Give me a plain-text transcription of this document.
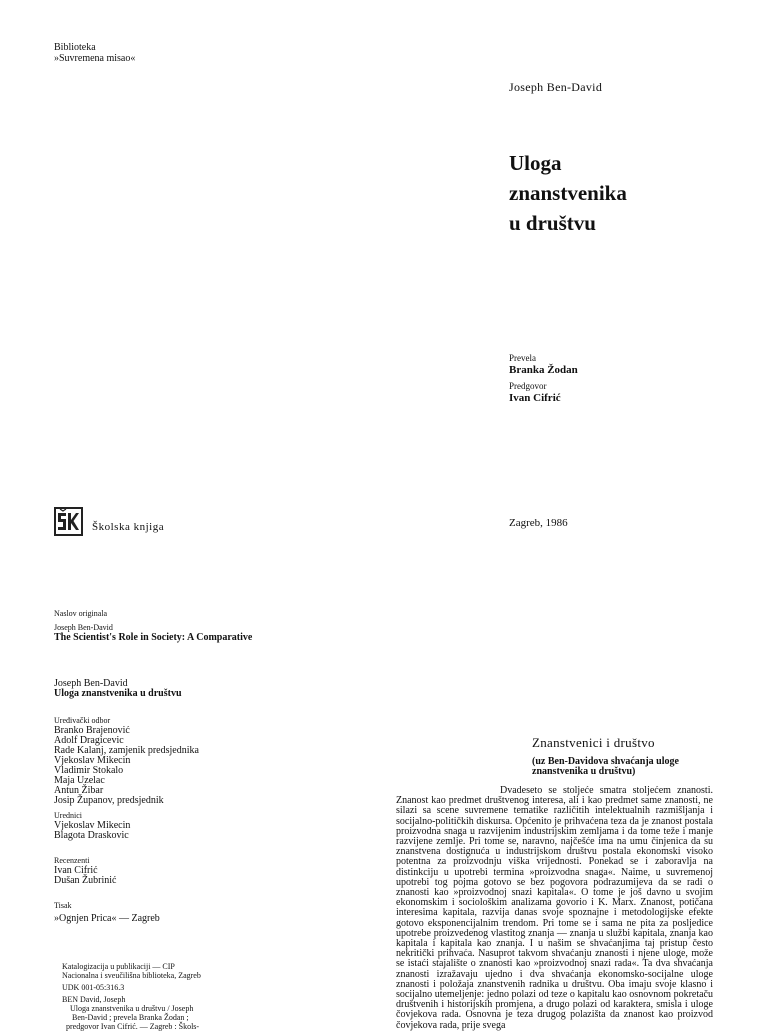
Biblioteka
»Suvremena misao«
Joseph Ben-David
Uloga
znanstvenika
u društvu
Prevela
Branka Žodan
Predgovor
Ivan Cifrić
Školska knjiga	Zagreb, 1986
Naslov originala
Joseph Ben-David
The Scientist's Role in Society: A Comparative
Joseph Ben-David
Uloga znanstvenika u društvu
Uređivački odbor
Branko Brajenović
Adolf Dragicevic
Rade Kalanj, zamjenik predsjednika
Vjekoslav Mikecin
Vladimir Stokalo
Maja Uzelac
Antun Žibar
Josip Županov, predsjednik
Urednici
Vjekoslav Mikecin
Blagota Draskovic
Recenzenti
Ivan Cifrić
Dušan Žubrinić
Tisak
»Ognjen Prica« — Zagreb
Katalogizacija u publikaciji — CIP
Nacionalna i sveučilišna biblioteka, Zagreb
UDK 001-05:316.3
BEN David, Joseph
Uloga znanstvenika u društvu / Joseph
Ben-David ; prevela Branka Žodan ;
predgovor Ivan Cifrić. — Zagreb : Škols-
Znanstvenici i društvo
(uz Ben-Davidova shvaćanja uloge
znanstvenika u društvu)

Dvadeseto se stoljeće smatra stoljećem znanosti. Znanost kao predmet društvenog interesa, ali i kao predmet same znanosti, ne silazi sa scene suvremene tematike različitih intelektualnih razmišljanja i socijalno-političkih diskursa. Općenito je prihvaćena teza da je znanost postala proizvodna snaga u razvijenim industrijskim zemljama i da tome teže i manje razvijene zemlje. Pri tome se, naravno, najčešće ima na umu činjenica da su znanstvena dostignuća u industrijskom društvu postala ekonomski visoko potentna za proizvodnju viška vrijednosti. Ponekad se i zaboravlja na distinkciju u upotrebi termina »proizvodna snaga«. Naime, u suvremenoj upotrebi tog pojma gotovo se bez pogovora podrazumijeva da se radi o znanosti kao »proizvodnoj snazi kapitala«. O tome je još davno u svojim ekonomskim i sociološkim analizama govorio i K. Marx. Znanost, potičana interesima kapitala, razvija danas svoje spoznajne i metodologijske efekte gotovo eksponencijalnim trendom. Pri tome se i sama ne pita za posljedice upotrebe proizvedenog vlastitog znanja — znanja u službi kapitala, znanja kao kapitala i kapitala kao znanja. I u našim se shvaćanjima taj pristup često nekritički prihvaća. Nasuprot takvom shvaćanju znanosti i njene uloge, može se istaći stajalište o znanosti kao »proizvodnoj snazi rada«. Ta dva shvaćanja znanosti izražavaju ujedno i dva shvaćanja ekonomsko-socijalne uloge znanosti i položaja znanstvenih radnika u društvu. Oba imaju svoje klasno i socijalno utemeljenje: jedno polazi od teze o kapitalu kao osnovnom pokretaču društvenih i historijskih promjena, a drugo polazi od karaktera, smisla i uloge čovjekova rada. Osnovna je teza drugog polazišta da znanost kao proizvod čovjekova rada, prije svega
